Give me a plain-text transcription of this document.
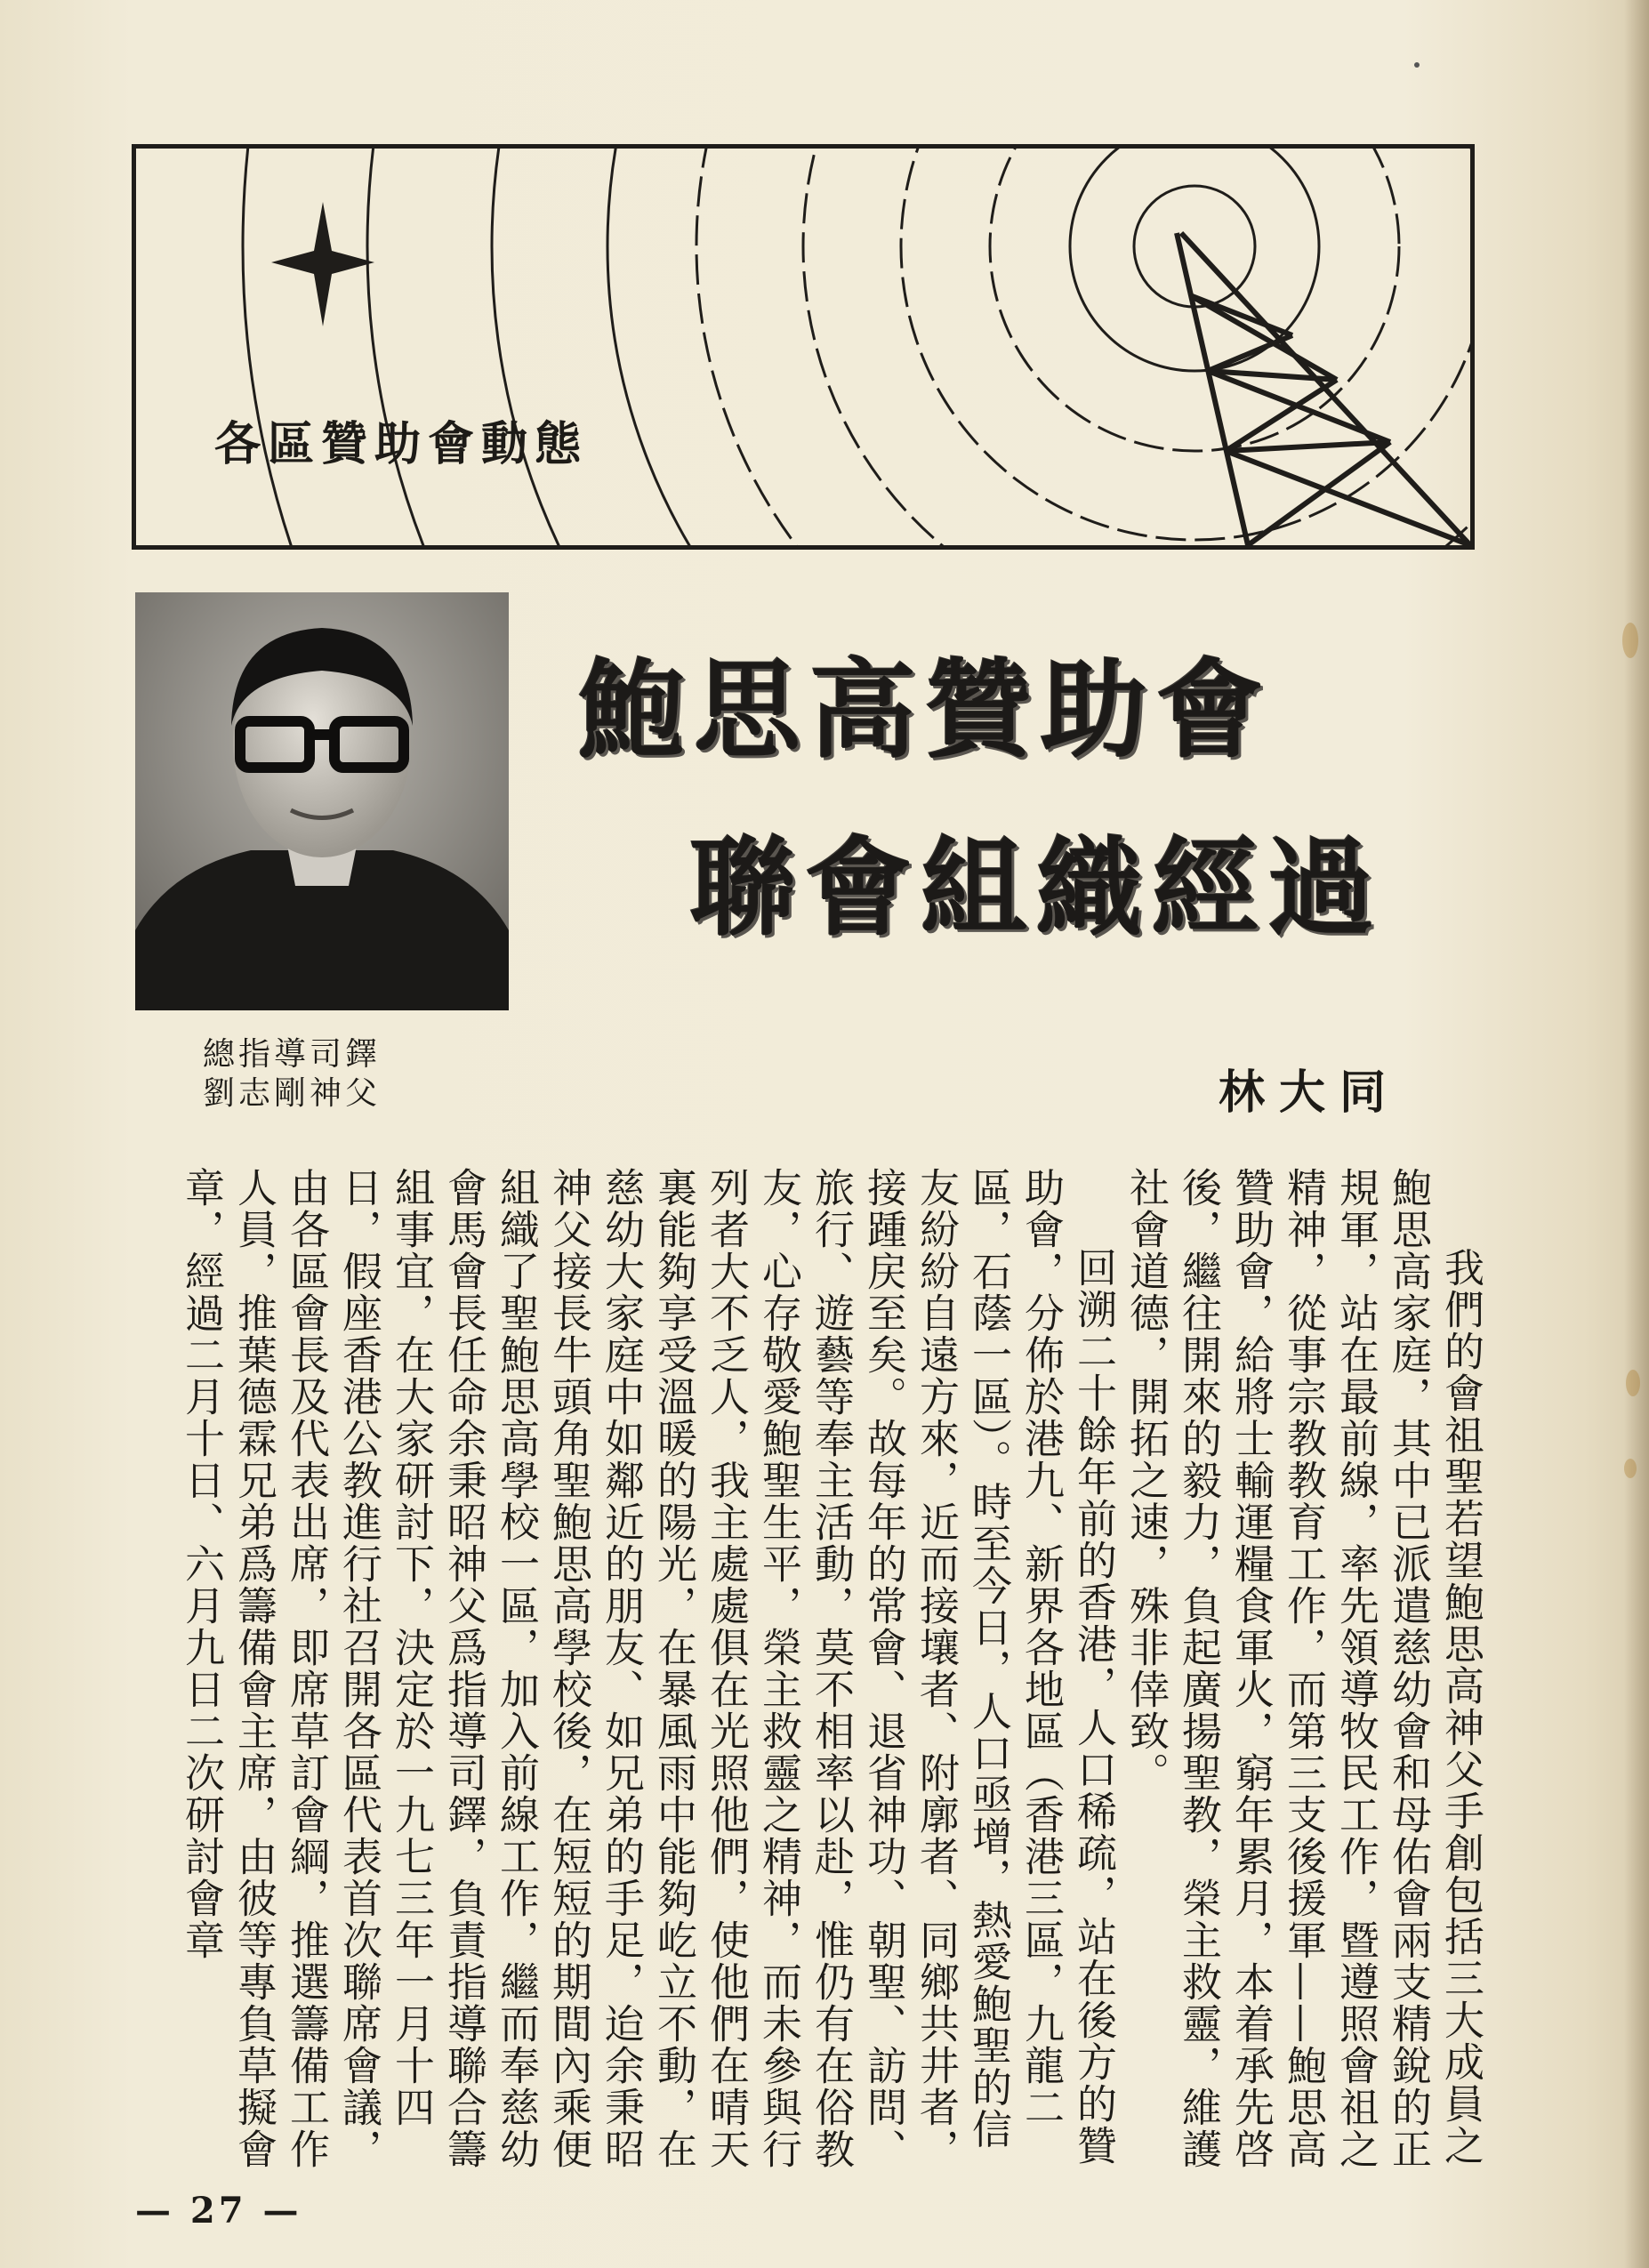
各區贊助會動態
總指導司鐸
劉志剛神父
鮑思高贊助會
聯會組織經過
林大同

我們的會祖聖若望鮑思高神父手創包括三大成員之鮑思高家庭，其中已派遣慈幼會和母佑會兩支精銳的正規軍，站在最前線，率先領導牧民工作，暨遵照會祖之精神，從事宗教教育工作，而第三支後援軍——鮑思高贊助會，給將士輸運糧食軍火，窮年累月，本着承先啓後，繼往開來的毅力，負起廣揚聖教，榮主救靈，維護社會道德，開拓之速，殊非倖致。

回溯二十餘年前的香港，人口稀疏，站在後方的贊助會，分佈於港九、新界各地區（香港三區，九龍二區，石蔭一區）。時至今日，人口亟增，熱愛鮑聖的信友紛紛自遠方來，近而接壤者、附廓者、同鄉共井者，接踵戻至矣。故每年的常會、退省神功、朝聖、訪問、旅行、遊藝等奉主活動，莫不相率以赴，惟仍有在俗教友，心存敬愛鮑聖生平，榮主救靈之精神，而未參與行列者大不乏人，我主處處俱在光照他們，使他們在晴天裏能夠享受溫暖的陽光，在暴風雨中能夠屹立不動，在慈幼大家庭中如鄰近的朋友、如兄弟的手足，迨余秉昭神父接長牛頭角聖鮑思高學校後，在短短的期間內乘便組織了聖鮑思高學校一區，加入前線工作，繼而奉慈幼會馬會長任命余秉昭神父爲指導司鐸，負責指導聯合籌組事宜，在大家研討下，決定於一九七三年一月十四日，假座香港公教進行社召開各區代表首次聯席會議，由各區會長及代表出席，即席草訂會綱，推選籌備工作人員，推葉德霖兄弟爲籌備會主席，由彼等專負草擬會章，經過二月十日、六月九日二次研討會章

— 27 —
